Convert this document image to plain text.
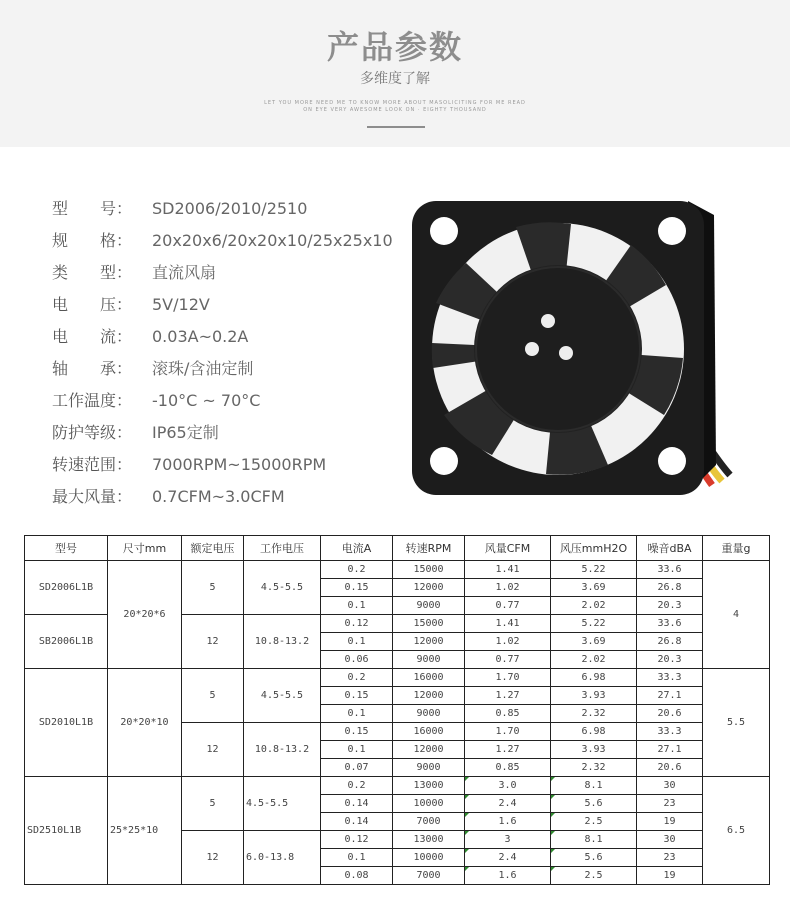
产品参数
多维度了解
LET YOU MORE NEED ME TO KNOW MORE ABOUT MASOLICITING FOR ME READ
ON EYE VERY AWESOME LOOK ON · EIGHTY THOUSAND
型　　号： SD2006/2010/2510
规　　格： 20x20x6/20x20x10/25x25x10
类　　型： 直流风扇
电　　压： 5V/12V
电　　流： 0.03A~0.2A
轴　　承： 滚珠/含油定制
工作温度： -10°C ~ 70°C
防护等级： IP65定制
转速范围： 7000RPM~15000RPM
最大风量： 0.7CFM~3.0CFM
型号	尺寸mm	额定电压	工作电压	电流A	转速RPM	风量CFM	风压mmH2O	噪音dBA	重量g
SD2006L1B	20*20*6	5	4.5-5.5	0.2	15000	1.41	5.22	33.6	4
				0.15	12000	1.02	3.69	26.8	
				0.1	9000	0.77	2.02	20.3	
SB2006L1B		12	10.8-13.2	0.12	15000	1.41	5.22	33.6	
				0.1	12000	1.02	3.69	26.8	
				0.06	9000	0.77	2.02	20.3	
SD2010L1B	20*20*10	5	4.5-5.5	0.2	16000	1.70	6.98	33.3	5.5
				0.15	12000	1.27	3.93	27.1	
				0.1	9000	0.85	2.32	20.6	
		12	10.8-13.2	0.15	16000	1.70	6.98	33.3	
				0.1	12000	1.27	3.93	27.1	
				0.07	9000	0.85	2.32	20.6	
SD2510L1B	25*25*10	5	4.5-5.5	0.2	13000	3.0	8.1	30	6.5
				0.14	10000	2.4	5.6	23	
				0.14	7000	1.6	2.5	19	
		12	6.0-13.8	0.12	13000	3	8.1	30	
				0.1	10000	2.4	5.6	23	
				0.08	7000	1.6	2.5	19	
